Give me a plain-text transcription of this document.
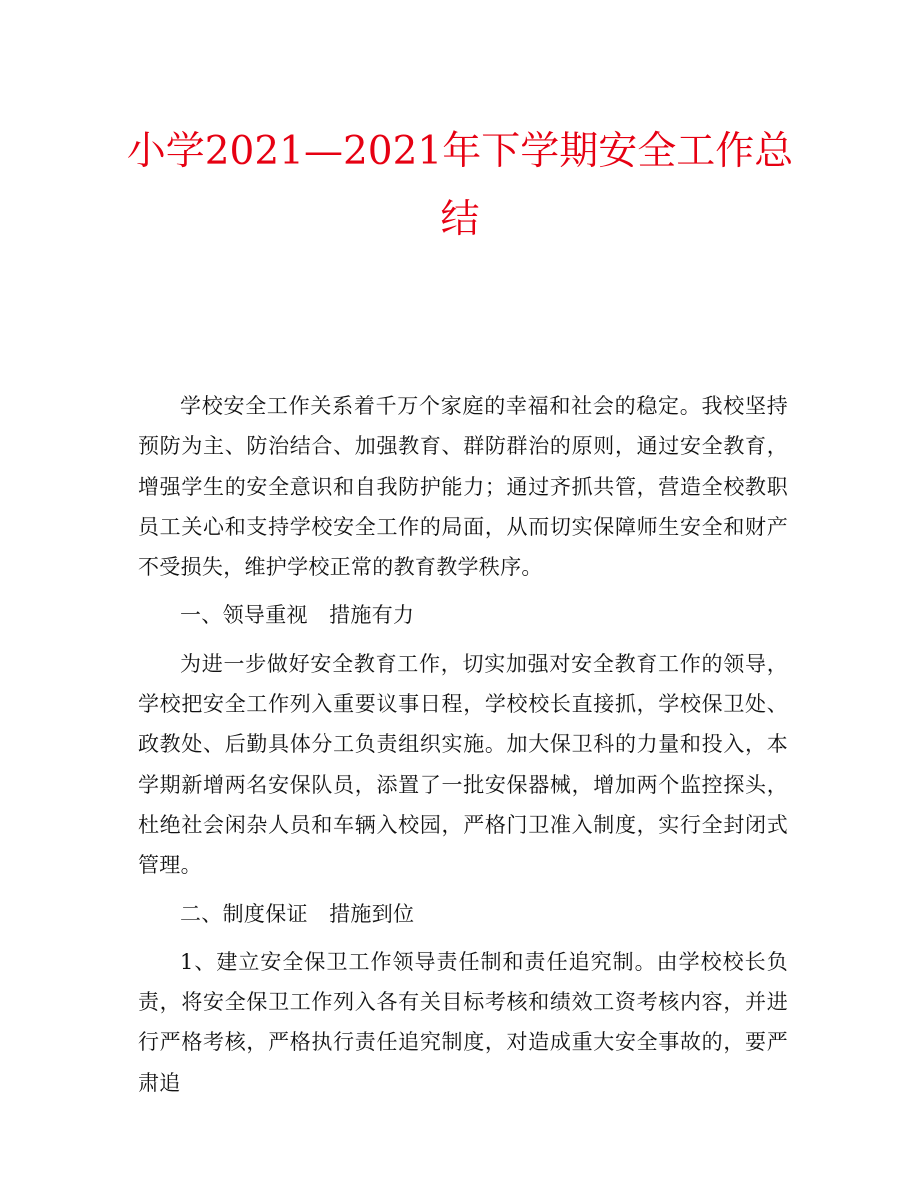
小学2021—2021年下学期安全工作总
结

学校安全工作关系着千万个家庭的幸福和社会的稳定。我校坚持预防为主、防治结合、加强教育、群防群治的原则，通过安全教育，增强学生的安全意识和自我防护能力；通过齐抓共管，营造全校教职员工关心和支持学校安全工作的局面，从而切实保障师生安全和财产不受损失，维护学校正常的教育教学秩序。

一、领导重视　措施有力

为进一步做好安全教育工作，切实加强对安全教育工作的领导，学校把安全工作列入重要议事日程，学校校长直接抓，学校保卫处、政教处、后勤具体分工负责组织实施。加大保卫科的力量和投入，本学期新增两名安保队员，添置了一批安保器械，增加两个监控探头，杜绝社会闲杂人员和车辆入校园，严格门卫准入制度，实行全封闭式管理。

二、制度保证　措施到位

1、建立安全保卫工作领导责任制和责任追究制。由学校校长负责，将安全保卫工作列入各有关目标考核和绩效工资考核内容，并进行严格考核，严格执行责任追究制度，对造成重大安全事故的，要严肃追
